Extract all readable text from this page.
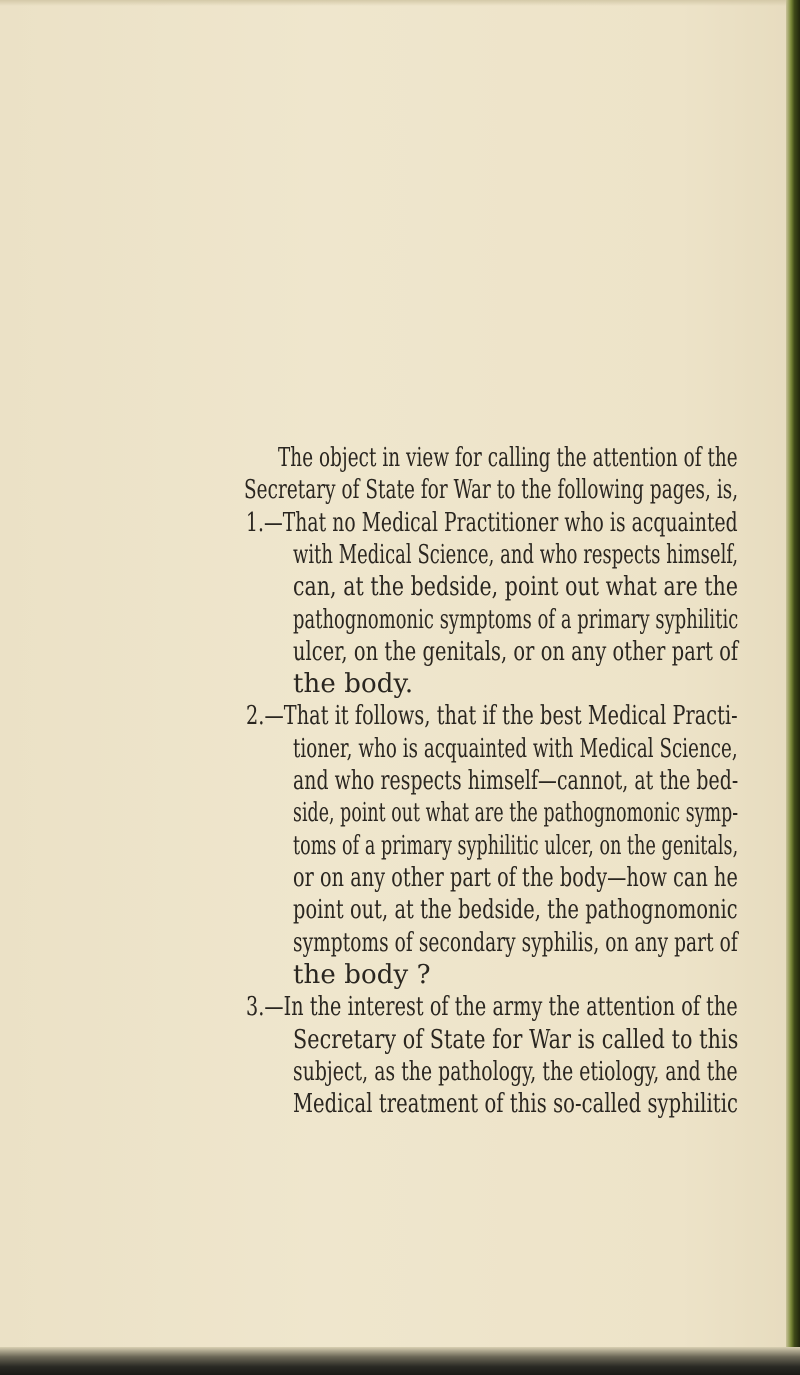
The object in view for calling the attention of the
Secretary of State for War to the following pages, is,
1.—That no Medical Practitioner who is acquainted
with Medical Science, and who respects himself,
can, at the bedside, point out what are the
pathognomonic symptoms of a primary syphilitic
ulcer, on the genitals, or on any other part of
the body.
2.—That it follows, that if the best Medical Practi-
tioner, who is acquainted with Medical Science,
and who respects himself—cannot, at the bed-
side, point out what are the pathognomonic symp-
toms of a primary syphilitic ulcer, on the genitals,
or on any other part of the body—how can he
point out, at the bedside, the pathognomonic
symptoms of secondary syphilis, on any part of
the body ?
3.—In the interest of the army the attention of the
Secretary of State for War is called to this
subject, as the pathology, the etiology, and the
Medical treatment of this so-called syphilitic
